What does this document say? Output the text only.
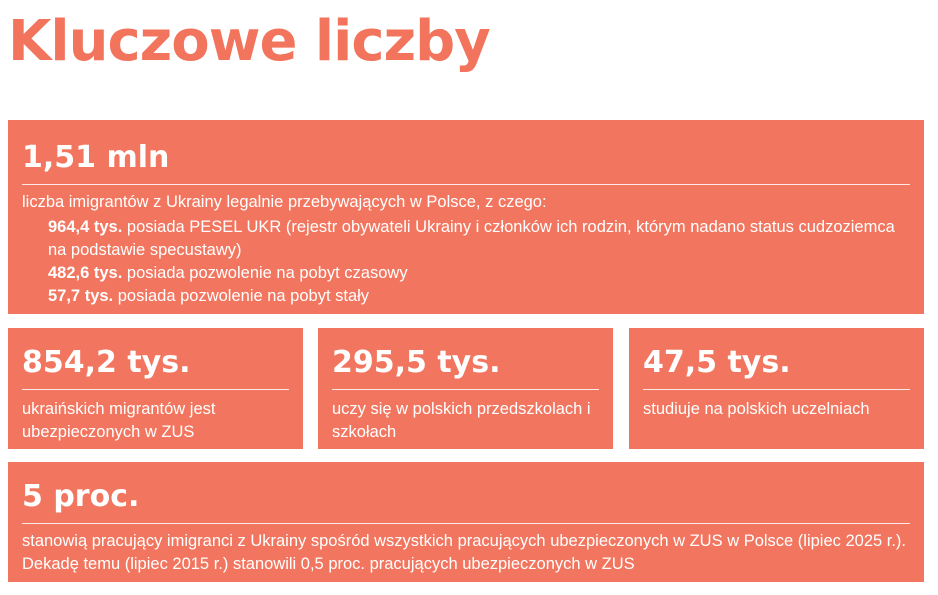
Kluczowe liczby
1,51 mln
liczba imigrantów z Ukrainy legalnie przebywających w Polsce, z czego:
964,4 tys. posiada PESEL UKR (rejestr obywateli Ukrainy i członków ich rodzin, którym nadano status cudzoziemca na podstawie specustawy)
482,6 tys. posiada pozwolenie na pobyt czasowy
57,7 tys. posiada pozwolenie na pobyt stały
854,2 tys.
ukraińskich migrantów jest ubezpieczonych w ZUS
295,5 tys.
uczy się w polskich przedszkolach i szkołach
47,5 tys.
studiuje na polskich uczelniach
5 proc.
stanowią pracujący imigranci z Ukrainy spośród wszystkich pracujących ubezpieczonych w ZUS w Polsce (lipiec 2025 r.). Dekadę temu (lipiec 2015 r.) stanowili 0,5 proc. pracujących ubezpieczonych w ZUS
